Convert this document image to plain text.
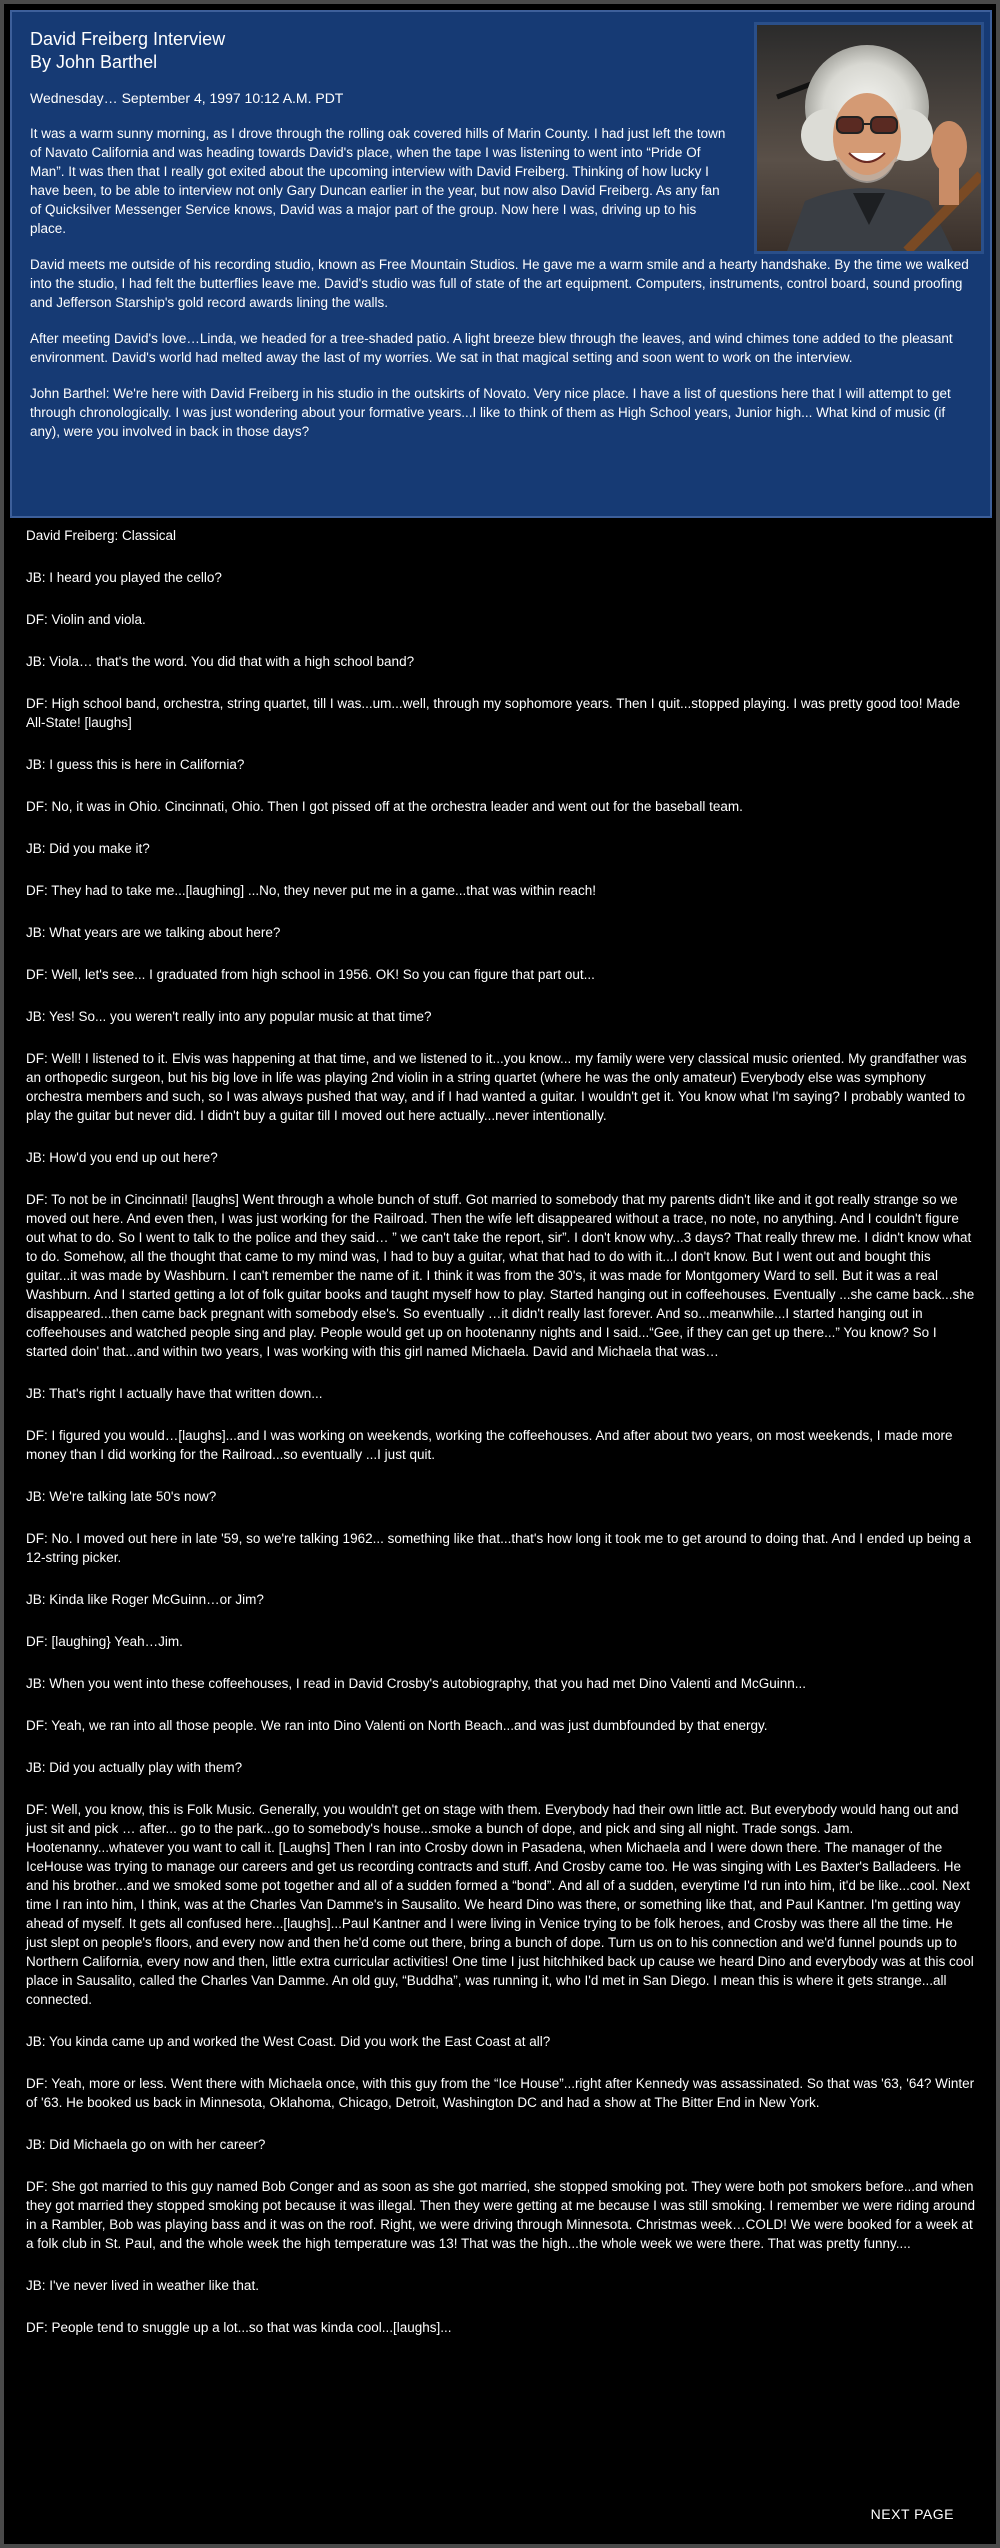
David Freiberg Interview

By John Barthel

Wednesday… September 4, 1997 10:12 A.M. PDT

It was a warm sunny morning, as I drove through the rolling oak covered hills of Marin County. I had just left the town of Navato California and was heading towards David's place, when the tape I was listening to went into “Pride Of Man”. It was then that I really got exited about the upcoming interview with David Freiberg. Thinking of how lucky I have been, to be able to interview not only Gary Duncan earlier in the year, but now also David Freiberg. As any fan of Quicksilver Messenger Service knows, David was a major part of the group. Now here I was, driving up to his place.

David meets me outside of his recording studio, known as Free Mountain Studios. He gave me a warm smile and a hearty handshake. By the time we walked into the studio, I had felt the butterflies leave me. David's studio was full of state of the art equipment. Computers, instruments, control board, sound proofing and Jefferson Starship's gold record awards lining the walls.

After meeting David's love…Linda, we headed for a tree-shaded patio. A light breeze blew through the leaves, and wind chimes tone added to the pleasant environment. David's world had melted away the last of my worries. We sat in that magical setting and soon went to work on the interview.

John Barthel: We're here with David Freiberg in his studio in the outskirts of Novato. Very nice place. I have a list of questions here that I will attempt to get through chronologically. I was just wondering about your formative years...I like to think of them as High School years, Junior high... What kind of music (if any), were you involved in back in those days?

David Freiberg: Classical

JB: I heard you played the cello?

DF: Violin and viola.

JB: Viola… that's the word. You did that with a high school band?

DF: High school band, orchestra, string quartet, till I was...um...well, through my sophomore years. Then I quit...stopped playing. I was pretty good too! Made All-State! [laughs]

JB: I guess this is here in California?

DF: No, it was in Ohio. Cincinnati, Ohio. Then I got pissed off at the orchestra leader and went out for the baseball team.

JB: Did you make it?

DF: They had to take me...[laughing] ...No, they never put me in a game...that was within reach!

JB: What years are we talking about here?

DF: Well, let's see... I graduated from high school in 1956. OK! So you can figure that part out...

JB: Yes! So... you weren't really into any popular music at that time?

DF: Well! I listened to it. Elvis was happening at that time, and we listened to it...you know... my family were very classical music oriented. My grandfather was an orthopedic surgeon, but his big love in life was playing 2nd violin in a string quartet (where he was the only amateur) Everybody else was symphony orchestra members and such, so I was always pushed that way, and if I had wanted a guitar. I wouldn't get it. You know what I'm saying? I probably wanted to play the guitar but never did. I didn't buy a guitar till I moved out here actually...never intentionally.

JB: How'd you end up out here?

DF: To not be in Cincinnati! [laughs] Went through a whole bunch of stuff. Got married to somebody that my parents didn't like and it got really strange so we moved out here. And even then, I was just working for the Railroad. Then the wife left disappeared without a trace, no note, no anything. And I couldn't figure out what to do. So I went to talk to the police and they said… ” we can't take the report, sir”. I don't know why...3 days? That really threw me. I didn't know what to do. Somehow, all the thought that came to my mind was, I had to buy a guitar, what that had to do with it...I don't know. But I went out and bought this guitar...it was made by Washburn. I can't remember the name of it. I think it was from the 30's, it was made for Montgomery Ward to sell. But it was a real Washburn. And I started getting a lot of folk guitar books and taught myself how to play. Started hanging out in coffeehouses. Eventually ...she came back...she disappeared...then came back pregnant with somebody else's. So eventually …it didn't really last forever. And so...meanwhile...I started hanging out in coffeehouses and watched people sing and play. People would get up on hootenanny nights and I said...“Gee, if they can get up there...” You know? So I started doin' that...and within two years, I was working with this girl named Michaela. David and Michaela that was…

JB: That's right I actually have that written down...

DF: I figured you would…[laughs]...and I was working on weekends, working the coffeehouses. And after about two years, on most weekends, I made more money than I did working for the Railroad...so eventually ...I just quit.

JB: We're talking late 50's now?

DF: No. I moved out here in late '59, so we're talking 1962... something like that...that's how long it took me to get around to doing that. And I ended up being a 12-string picker.

JB: Kinda like Roger McGuinn…or Jim?

DF: [laughing} Yeah…Jim.

JB: When you went into these coffeehouses, I read in David Crosby's autobiography, that you had met Dino Valenti and McGuinn...

DF: Yeah, we ran into all those people. We ran into Dino Valenti on North Beach...and was just dumbfounded by that energy.

JB: Did you actually play with them?

DF: Well, you know, this is Folk Music. Generally, you wouldn't get on stage with them. Everybody had their own little act. But everybody would hang out and just sit and pick … after... go to the park...go to somebody's house...smoke a bunch of dope, and pick and sing all night. Trade songs. Jam. Hootenanny...whatever you want to call it. [Laughs] Then I ran into Crosby down in Pasadena, when Michaela and I were down there. The manager of the IceHouse was trying to manage our careers and get us recording contracts and stuff. And Crosby came too. He was singing with Les Baxter's Balladeers. He and his brother...and we smoked some pot together and all of a sudden formed a “bond”. And all of a sudden, everytime I'd run into him, it'd be like...cool. Next time I ran into him, I think, was at the Charles Van Damme's in Sausalito. We heard Dino was there, or something like that, and Paul Kantner. I'm getting way ahead of myself. It gets all confused here...[laughs]...Paul Kantner and I were living in Venice trying to be folk heroes, and Crosby was there all the time. He just slept on people's floors, and every now and then he'd come out there, bring a bunch of dope. Turn us on to his connection and we'd funnel pounds up to Northern California, every now and then, little extra curricular activities! One time I just hitchhiked back up cause we heard Dino and everybody was at this cool place in Sausalito, called the Charles Van Damme. An old guy, “Buddha”, was running it, who I'd met in San Diego. I mean this is where it gets strange...all connected.

JB: You kinda came up and worked the West Coast. Did you work the East Coast at all?

DF: Yeah, more or less. Went there with Michaela once, with this guy from the “Ice House”...right after Kennedy was assassinated. So that was '63, '64? Winter of '63. He booked us back in Minnesota, Oklahoma, Chicago, Detroit, Washington DC and had a show at The Bitter End in New York.

JB: Did Michaela go on with her career?

DF: She got married to this guy named Bob Conger and as soon as she got married, she stopped smoking pot. They were both pot smokers before...and when they got married they stopped smoking pot because it was illegal. Then they were getting at me because I was still smoking. I remember we were riding around in a Rambler, Bob was playing bass and it was on the roof. Right, we were driving through Minnesota. Christmas week…COLD! We were booked for a week at a folk club in St. Paul, and the whole week the high temperature was 13! That was the high...the whole week we were there. That was pretty funny....

JB: I've never lived in weather like that.

DF: People tend to snuggle up a lot...so that was kinda cool...[laughs]...

NEXT PAGE
